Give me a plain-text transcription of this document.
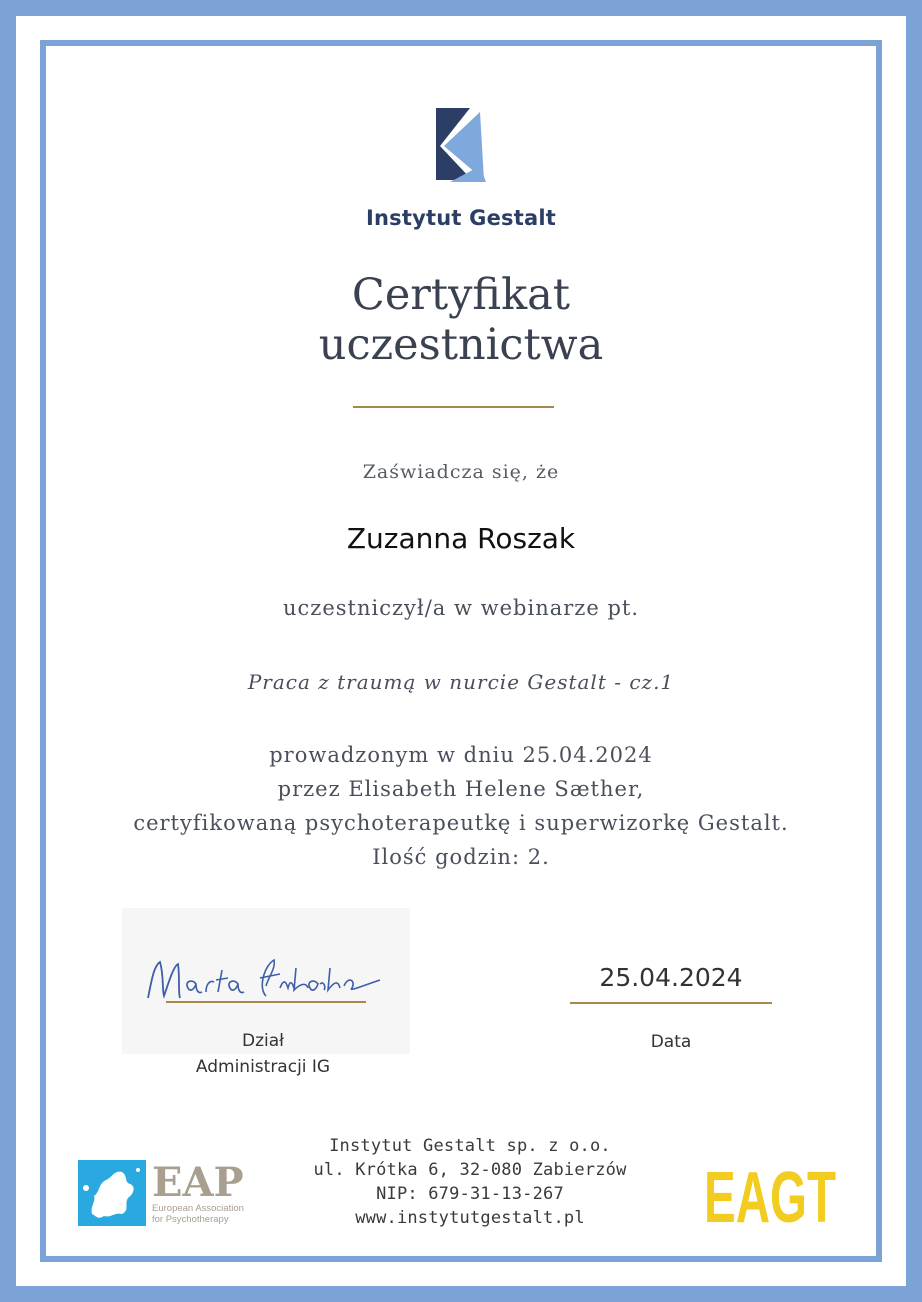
Instytut Gestalt
Certyfikat
uczestnictwa
Zaświadcza się, że
Zuzanna Roszak
uczestniczył/a w webinarze pt.
Praca z traumą w nurcie Gestalt - cz.1
prowadzonym w dniu 25.04.2024
przez Elisabeth Helene Sæther,
certyfikowaną psychoterapeutkę i superwizorkę Gestalt.
Ilość godzin: 2.
Dział
Administracji IG
25.04.2024
Data
EAP
European Association
for Psychotherapy
Instytut Gestalt sp. z o.o.
ul. Krótka 6, 32-080 Zabierzów
NIP: 679-31-13-267
www.instytutgestalt.pl	EAGT
